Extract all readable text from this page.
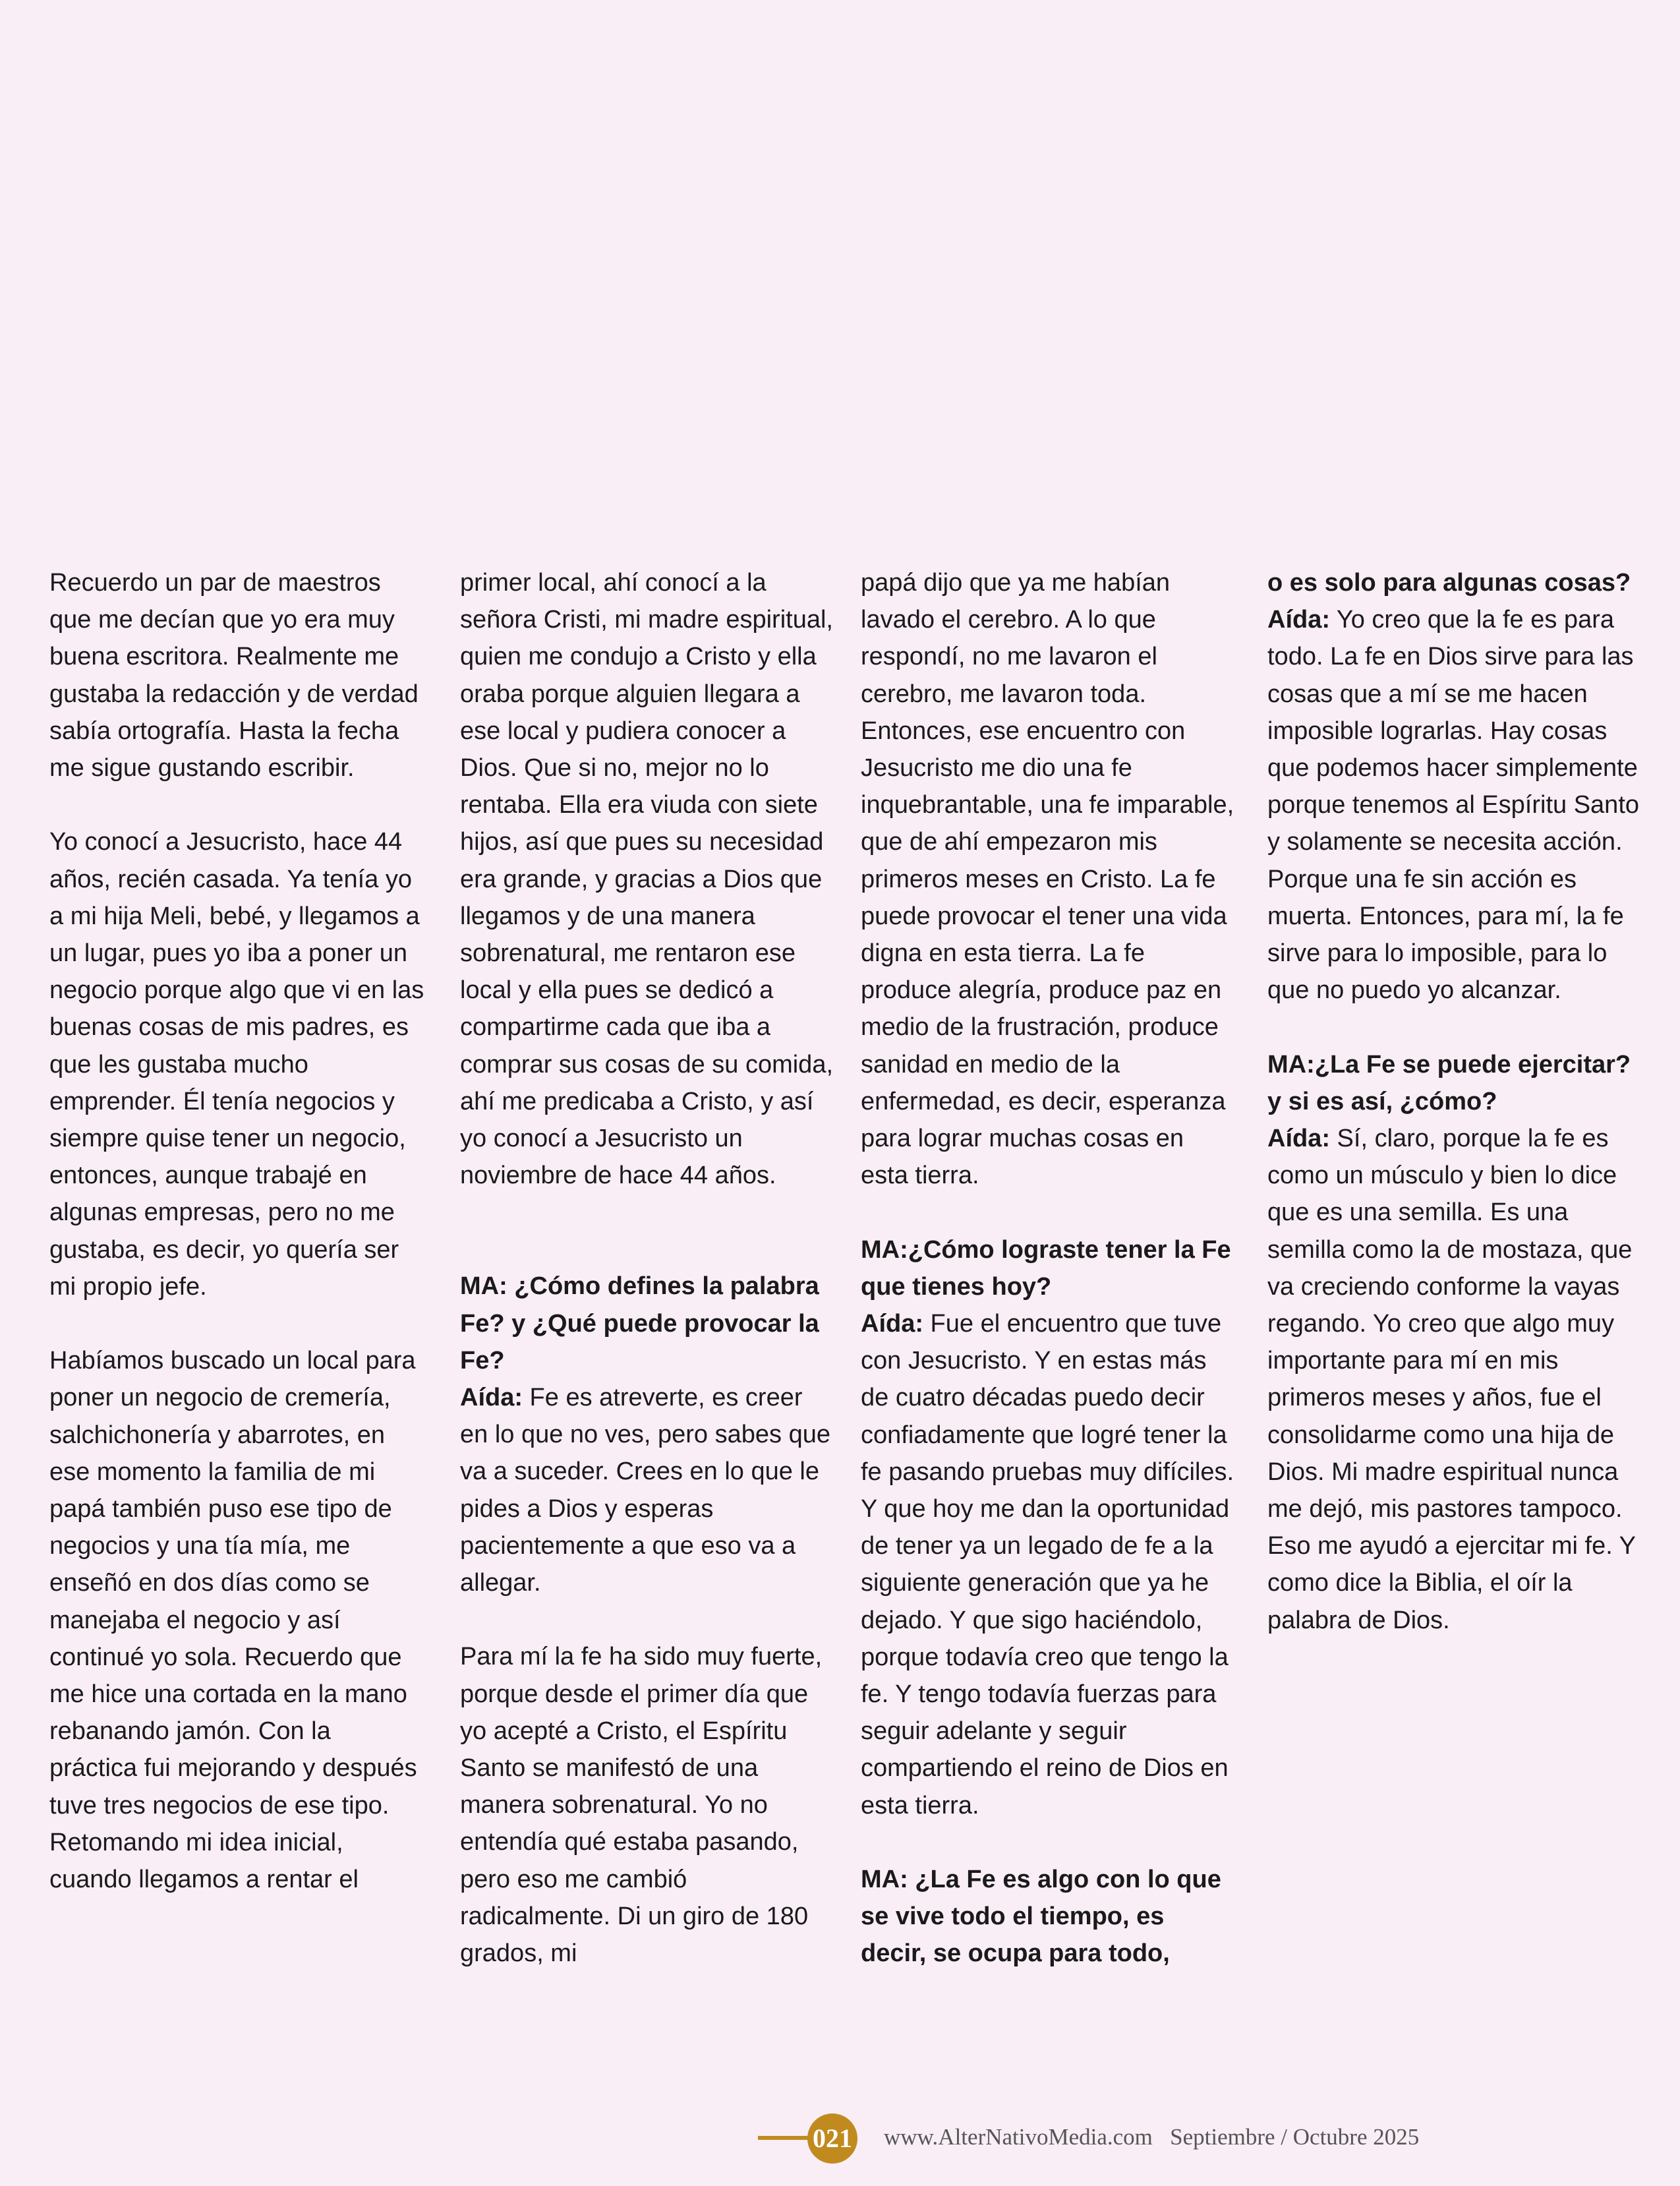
Recuerdo un par de maestros que me decían que yo era muy buena escritora. Realmente me gustaba la redacción y de verdad sabía ortografía. Hasta la fecha me sigue gustando escribir.

Yo conocí a Jesucristo, hace 44 años, recién casada. Ya tenía yo a mi hija Meli, bebé, y llegamos a un lugar, pues yo iba a poner un negocio porque algo que vi en las buenas cosas de mis padres, es que les gustaba mucho emprender. Él tenía negocios y siempre quise tener un negocio, entonces, aunque trabajé en algunas empresas, pero no me gustaba, es decir, yo quería ser mi propio jefe.

Habíamos buscado un local para poner un negocio de cremería, salchichonería y abarrotes, en ese momento la familia de mi papá también puso ese tipo de negocios y una tía mía, me enseñó en dos días como se manejaba el negocio y así continué yo sola. Recuerdo que me hice una cortada en la mano rebanando jamón. Con la práctica fui mejorando y después tuve tres negocios de ese tipo.

Retomando mi idea inicial, cuando llegamos a rentar el

primer local, ahí conocí a la señora Cristi, mi madre espiritual, quien me condujo a Cristo y ella oraba porque alguien llegara a ese local y pudiera conocer a Dios. Que si no, mejor no lo rentaba. Ella era viuda con siete hijos, así que pues su necesidad era grande, y gracias a Dios que llegamos y de una manera sobrenatural, me rentaron ese local y ella pues se dedicó a compartirme cada que iba a comprar sus cosas de su comida, ahí me predicaba a Cristo, y así yo conocí a Jesucristo un noviembre de hace 44 años.

MA: ¿Cómo defines la palabra Fe? y ¿Qué puede provocar la Fe?

Aída: Fe es atreverte, es creer en lo que no ves, pero sabes que va a suceder. Crees en lo que le pides a Dios y esperas pacientemente a que eso va a allegar.

Para mí la fe ha sido muy fuerte, porque desde el primer día que yo acepté a Cristo, el Espíritu Santo se manifestó de una manera sobrenatural. Yo no entendía qué estaba pasando, pero eso me cambió radicalmente. Di un giro de 180 grados, mi

papá dijo que ya me habían lavado el cerebro. A lo que respondí, no me lavaron el cerebro, me lavaron toda. Entonces, ese encuentro con Jesucristo me dio una fe inquebrantable, una fe imparable, que de ahí empezaron mis primeros meses en Cristo. La fe puede provocar el tener una vida digna en esta tierra. La fe produce alegría, produce paz en medio de la frustración, produce sanidad en medio de la enfermedad, es decir, esperanza para lograr muchas cosas en esta tierra.

MA:¿Cómo lograste tener la Fe que tienes hoy?

Aída: Fue el encuentro que tuve con Jesucristo. Y en estas más de cuatro décadas puedo decir confiadamente que logré tener la fe pasando pruebas muy difíciles.

Y que hoy me dan la oportunidad de tener ya un legado de fe a la siguiente generación que ya he dejado. Y que sigo haciéndolo, porque todavía creo que tengo la fe. Y tengo todavía fuerzas para seguir adelante y seguir compartiendo el reino de Dios en esta tierra.

MA: ¿La Fe es algo con lo que se vive todo el tiempo, es decir, se ocupa para todo,

o es solo para algunas cosas?

Aída: Yo creo que la fe es para todo. La fe en Dios sirve para las cosas que a mí se me hacen imposible lograrlas. Hay cosas que podemos hacer simplemente porque tenemos al Espíritu Santo y solamente se necesita acción. Porque una fe sin acción es muerta. Entonces, para mí, la fe sirve para lo imposible, para lo que no puedo yo alcanzar.

MA:¿La Fe se puede ejercitar? y si es así, ¿cómo?

Aída: Sí, claro, porque la fe es como un músculo y bien lo dice que es una semilla. Es una semilla como la de mostaza, que va creciendo conforme la vayas regando. Yo creo que algo muy importante para mí en mis primeros meses y años, fue el consolidarme como una hija de Dios. Mi madre espiritual nunca me dejó, mis pastores tampoco. Eso me ayudó a ejercitar mi fe. Y como dice la Biblia, el oír la palabra de Dios.

021 www.AlterNativoMedia.com Septiembre / Octubre 2025
